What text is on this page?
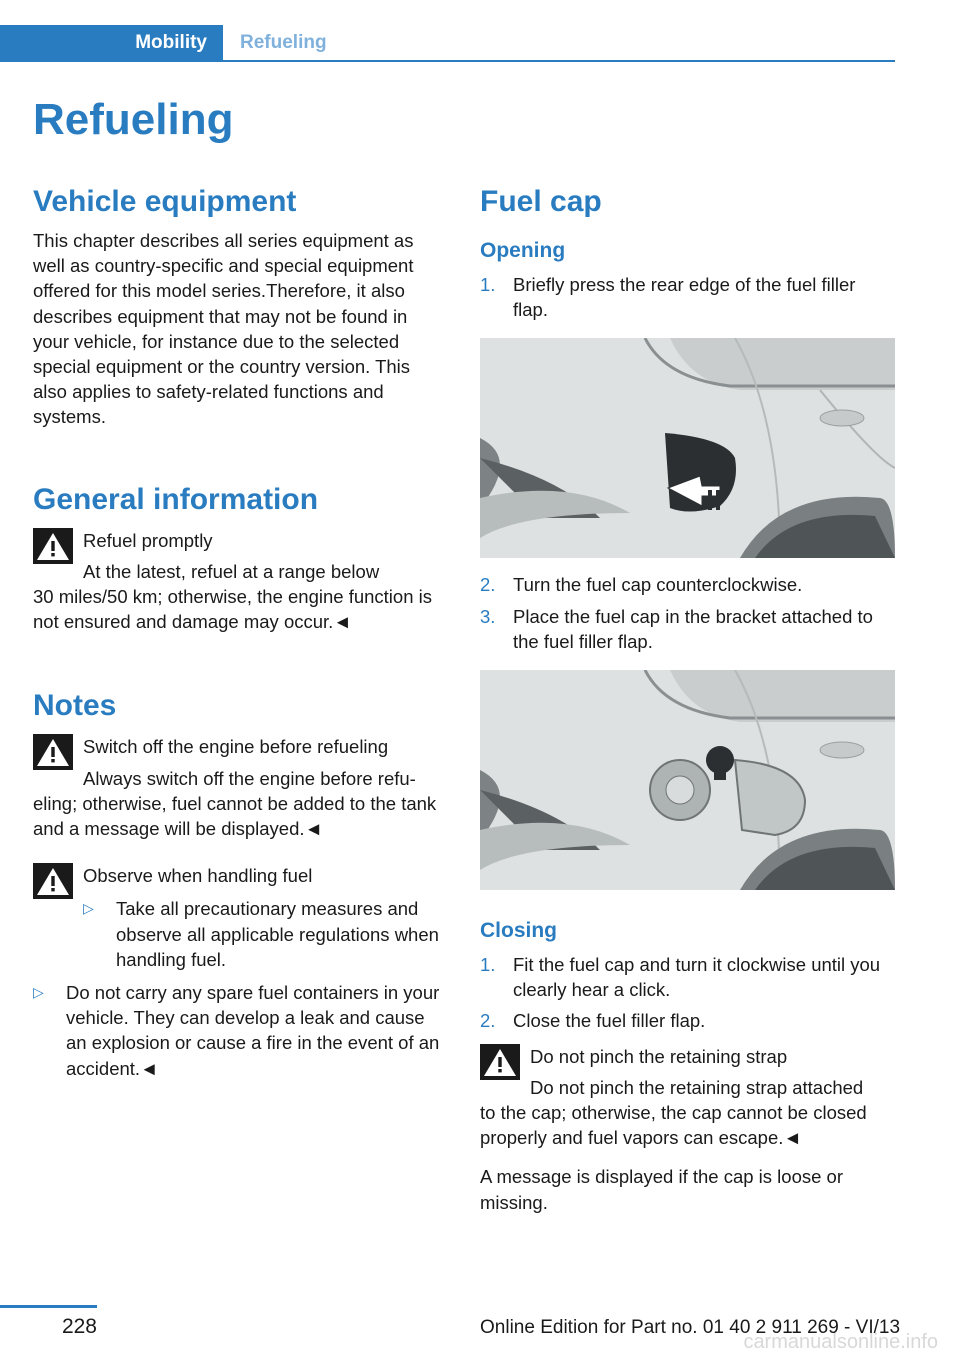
Mobility	Refueling
Refueling
Vehicle equipment

This chapter describes all series equipment as well as country-specific and special equipment offered for this model series.Therefore, it also describes equipment that may not be found in your vehicle, for instance due to the selected special equipment or the country version. This also applies to safety-related functions and systems.

General information

Refuel promptly

At the latest, refuel at a range below

30 miles/50 km; otherwise, the engine function is not ensured and damage may occur.◄

Notes

Switch off the engine before refueling

Always switch off the engine before refu-

eling; otherwise, fuel cannot be added to the tank and a message will be displayed.◄

Observe when handling fuel

▷ Take all precautionary measures and observe all applicable regulations when handling fuel.
▷ Do not carry any spare fuel containers in your vehicle. They can develop a leak and cause an explosion or cause a fire in the event of an accident.◄
Fuel cap
Opening
1. Briefly press the rear edge of the fuel filler flap.
2. Turn the fuel cap counterclockwise.
3. Place the fuel cap in the bracket attached to the fuel filler flap.
Closing
1. Fit the fuel cap and turn it clockwise until you clearly hear a click.
2. Close the fuel filler flap.

Do not pinch the retaining strap

Do not pinch the retaining strap attached

to the cap; otherwise, the cap cannot be closed properly and fuel vapors can escape.◄

A message is displayed if the cap is loose or missing.

228	Online Edition for Part no. 01 40 2 911 269 - VI/13
carmanualsonline.info
